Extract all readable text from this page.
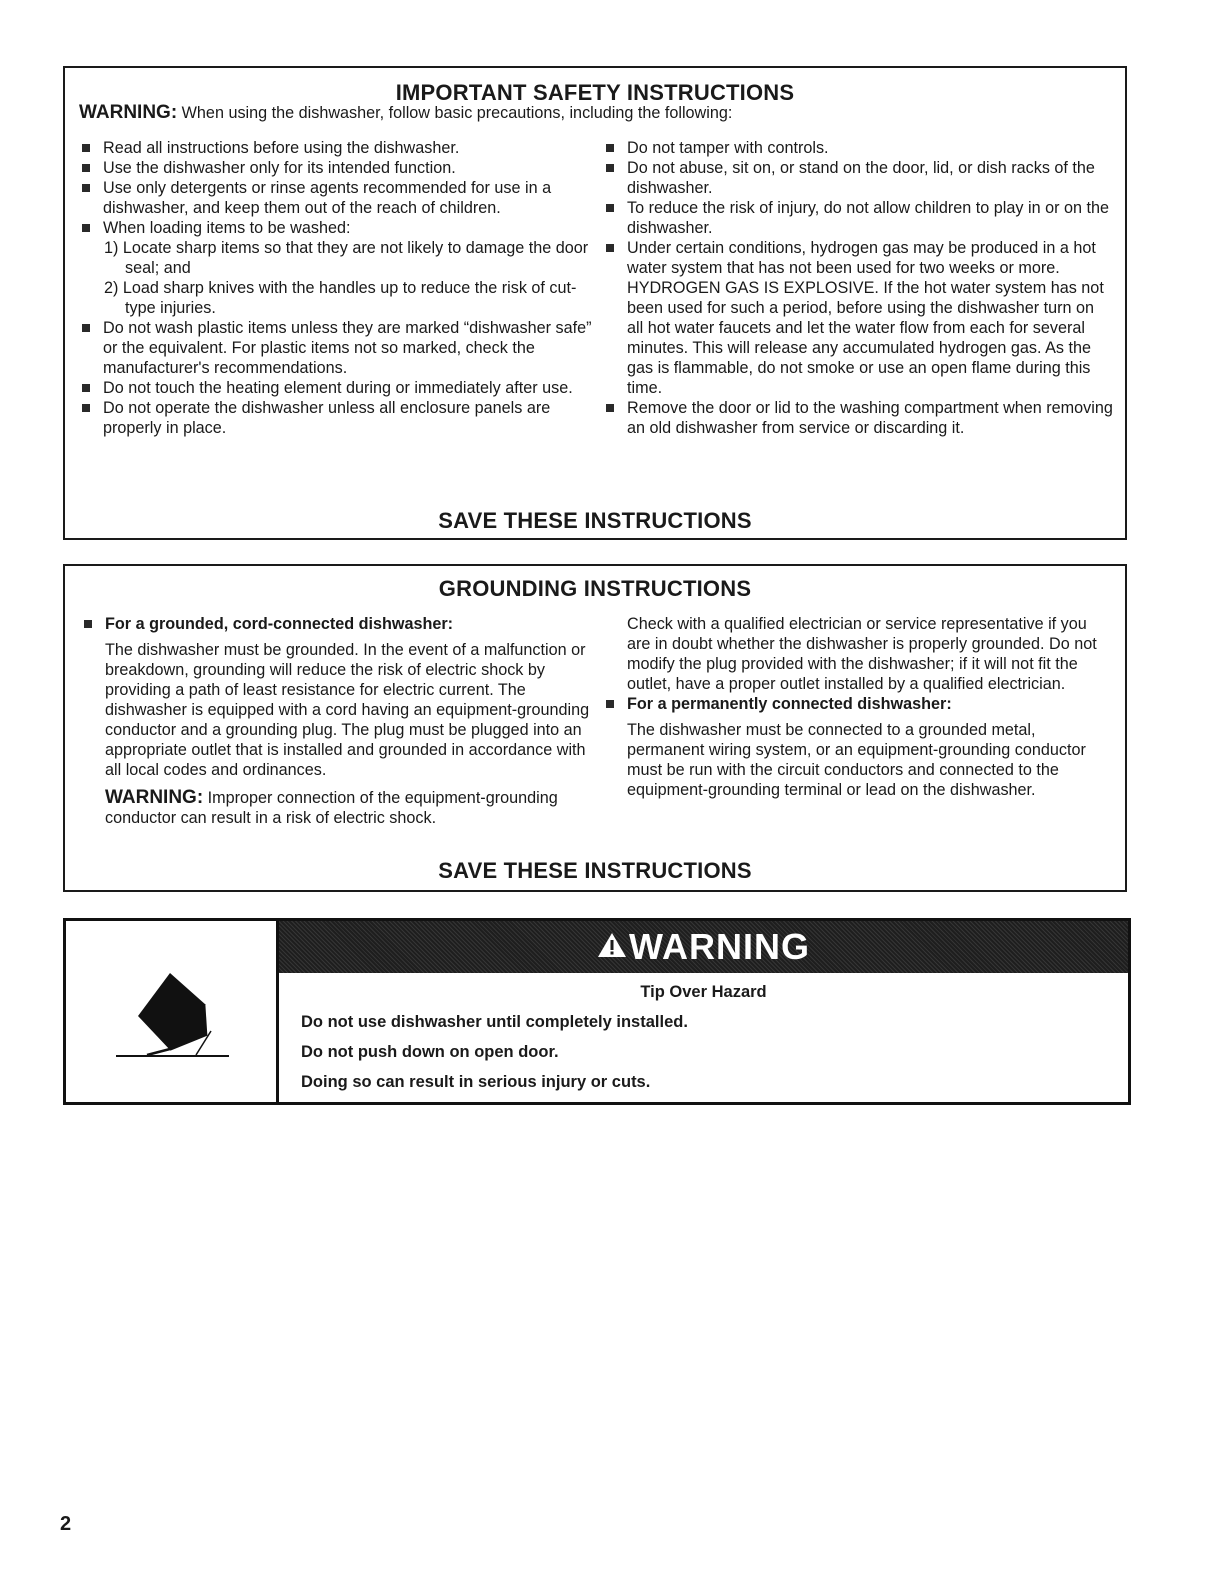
IMPORTANT SAFETY INSTRUCTIONS
WARNING: When using the dishwasher, follow basic precautions, including the following:

Read all instructions before using the dishwasher.

Use the dishwasher only for its intended function.

Use only detergents or rinse agents recommended for use in a dishwasher, and keep them out of the reach of children.

When loading items to be washed:

1) Locate sharp items so that they are not likely to damage the door seal; and

2) Load sharp knives with the handles up to reduce the risk of cut-type injuries.

Do not wash plastic items unless they are marked “dishwasher safe” or the equivalent. For plastic items not so marked, check the manufacturer's recommendations.

Do not touch the heating element during or immediately after use.

Do not operate the dishwasher unless all enclosure panels are properly in place.

Do not tamper with controls.

Do not abuse, sit on, or stand on the door, lid, or dish racks of the dishwasher.

To reduce the risk of injury, do not allow children to play in or on the dishwasher.

Under certain conditions, hydrogen gas may be produced in a hot water system that has not been used for two weeks or more. HYDROGEN GAS IS EXPLOSIVE. If the hot water system has not been used for such a period, before using the dishwasher turn on all hot water faucets and let the water flow from each for several minutes. This will release any accumulated hydrogen gas. As the gas is flammable, do not smoke or use an open flame during this time.

Remove the door or lid to the washing compartment when removing an old dishwasher from service or discarding it.

SAVE THESE INSTRUCTIONS
GROUNDING INSTRUCTIONS

For a grounded, cord-connected dishwasher:

The dishwasher must be grounded. In the event of a malfunction or breakdown, grounding will reduce the risk of electric shock by providing a path of least resistance for electric current. The dishwasher is equipped with a cord having an equipment-grounding conductor and a grounding plug. The plug must be plugged into an appropriate outlet that is installed and grounded in accordance with all local codes and ordinances.

WARNING: Improper connection of the equipment-grounding conductor can result in a risk of electric shock.

Check with a qualified electrician or service representative if you are in doubt whether the dishwasher is properly grounded. Do not modify the plug provided with the dishwasher; if it will not fit the outlet, have a proper outlet installed by a qualified electrician.

For a permanently connected dishwasher:

The dishwasher must be connected to a grounded metal, permanent wiring system, or an equipment-grounding conductor must be run with the circuit conductors and connected to the equipment-grounding terminal or lead on the dishwasher.

SAVE THESE INSTRUCTIONS
WARNING
Tip Over Hazard
Do not use dishwasher until completely installed.
Do not push down on open door.
Doing so can result in serious injury or cuts.
2
